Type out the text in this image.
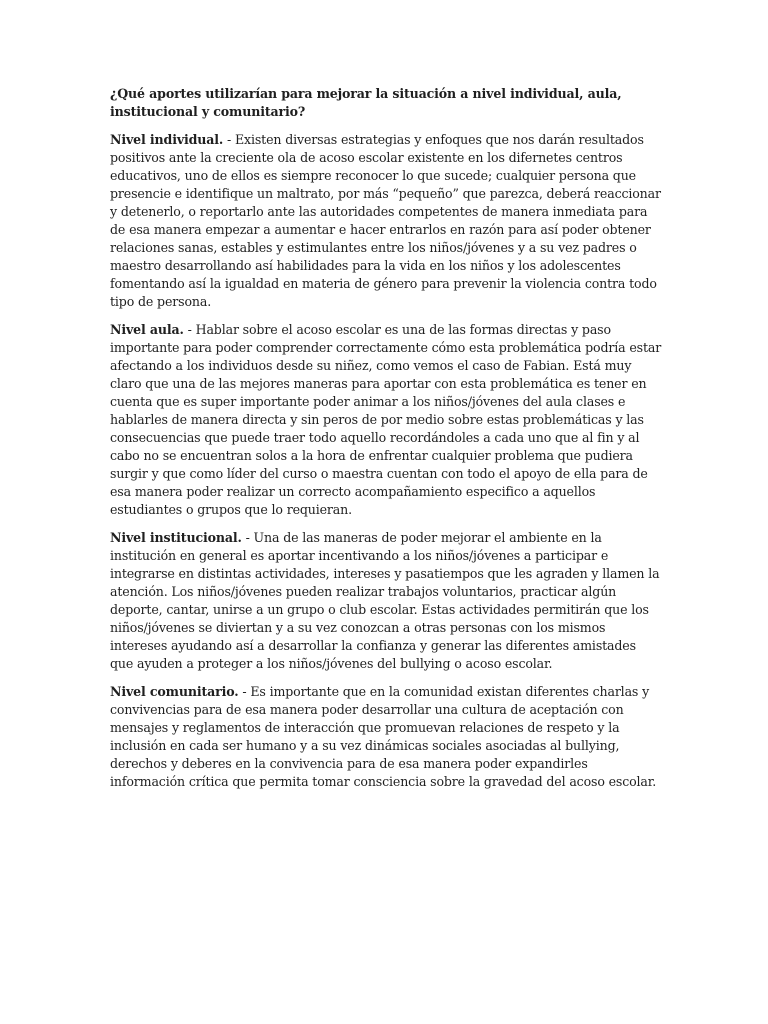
¿Qué aportes utilizarían para mejorar la situación a nivel individual, aula, institucional y comunitario?

Nivel individual. - Existen diversas estrategias y enfoques que nos darán resultados positivos ante la creciente ola de acoso escolar existente en los difernetes centros educativos, uno de ellos es siempre reconocer lo que sucede; cualquier persona que presencie e identifique un maltrato, por más “pequeño” que parezca, deberá reaccionar y detenerlo, o reportarlo ante las autoridades competentes de manera inmediata para de esa manera empezar a aumentar e hacer entrarlos en razón para así poder obtener relaciones sanas, estables y estimulantes entre los niños/jóvenes y a su vez padres o maestro desarrollando así habilidades para la vida en los niños y los adolescentes fomentando así la igualdad en materia de género para prevenir la violencia contra todo tipo de persona.

Nivel aula. - Hablar sobre el acoso escolar es una de las formas directas y paso importante para poder comprender correctamente cómo esta problemática podría estar afectando a los individuos desde su niñez, como vemos el caso de Fabian. Está muy claro que una de las mejores maneras para aportar con esta problemática es tener en cuenta que es super importante poder animar a los niños/jóvenes del aula clases e hablarles de manera directa y sin peros de por medio sobre estas problemáticas y las consecuencias que puede traer todo aquello recordándoles a cada uno que al fin y al cabo no se encuentran solos a la hora de enfrentar cualquier problema que pudiera surgir y que como líder del curso o maestra cuentan con todo el apoyo de ella para de esa manera poder realizar un correcto acompañamiento especifico a aquellos estudiantes o grupos que lo requieran.

Nivel institucional. - Una de las maneras de poder mejorar el ambiente en la institución en general es aportar incentivando a los niños/jóvenes a participar e integrarse en distintas actividades, intereses y pasatiempos que les agraden y llamen la atención. Los niños/jóvenes pueden realizar trabajos voluntarios, practicar algún deporte, cantar, unirse a un grupo o club escolar. Estas actividades permitirán que los niños/jóvenes se diviertan y a su vez conozcan a otras personas con los mismos intereses ayudando así a desarrollar la confianza y generar las diferentes amistades que ayuden a proteger a los niños/jóvenes del bullying o acoso escolar.

Nivel comunitario. - Es importante que en la comunidad existan diferentes charlas y convivencias para de esa manera poder desarrollar una cultura de aceptación con mensajes y reglamentos de interacción que promuevan relaciones de respeto y la inclusión en cada ser humano y a su vez dinámicas sociales asociadas al bullying, derechos y deberes en la convivencia para de esa manera poder expandirles información crítica que permita tomar consciencia sobre la gravedad del acoso escolar.
